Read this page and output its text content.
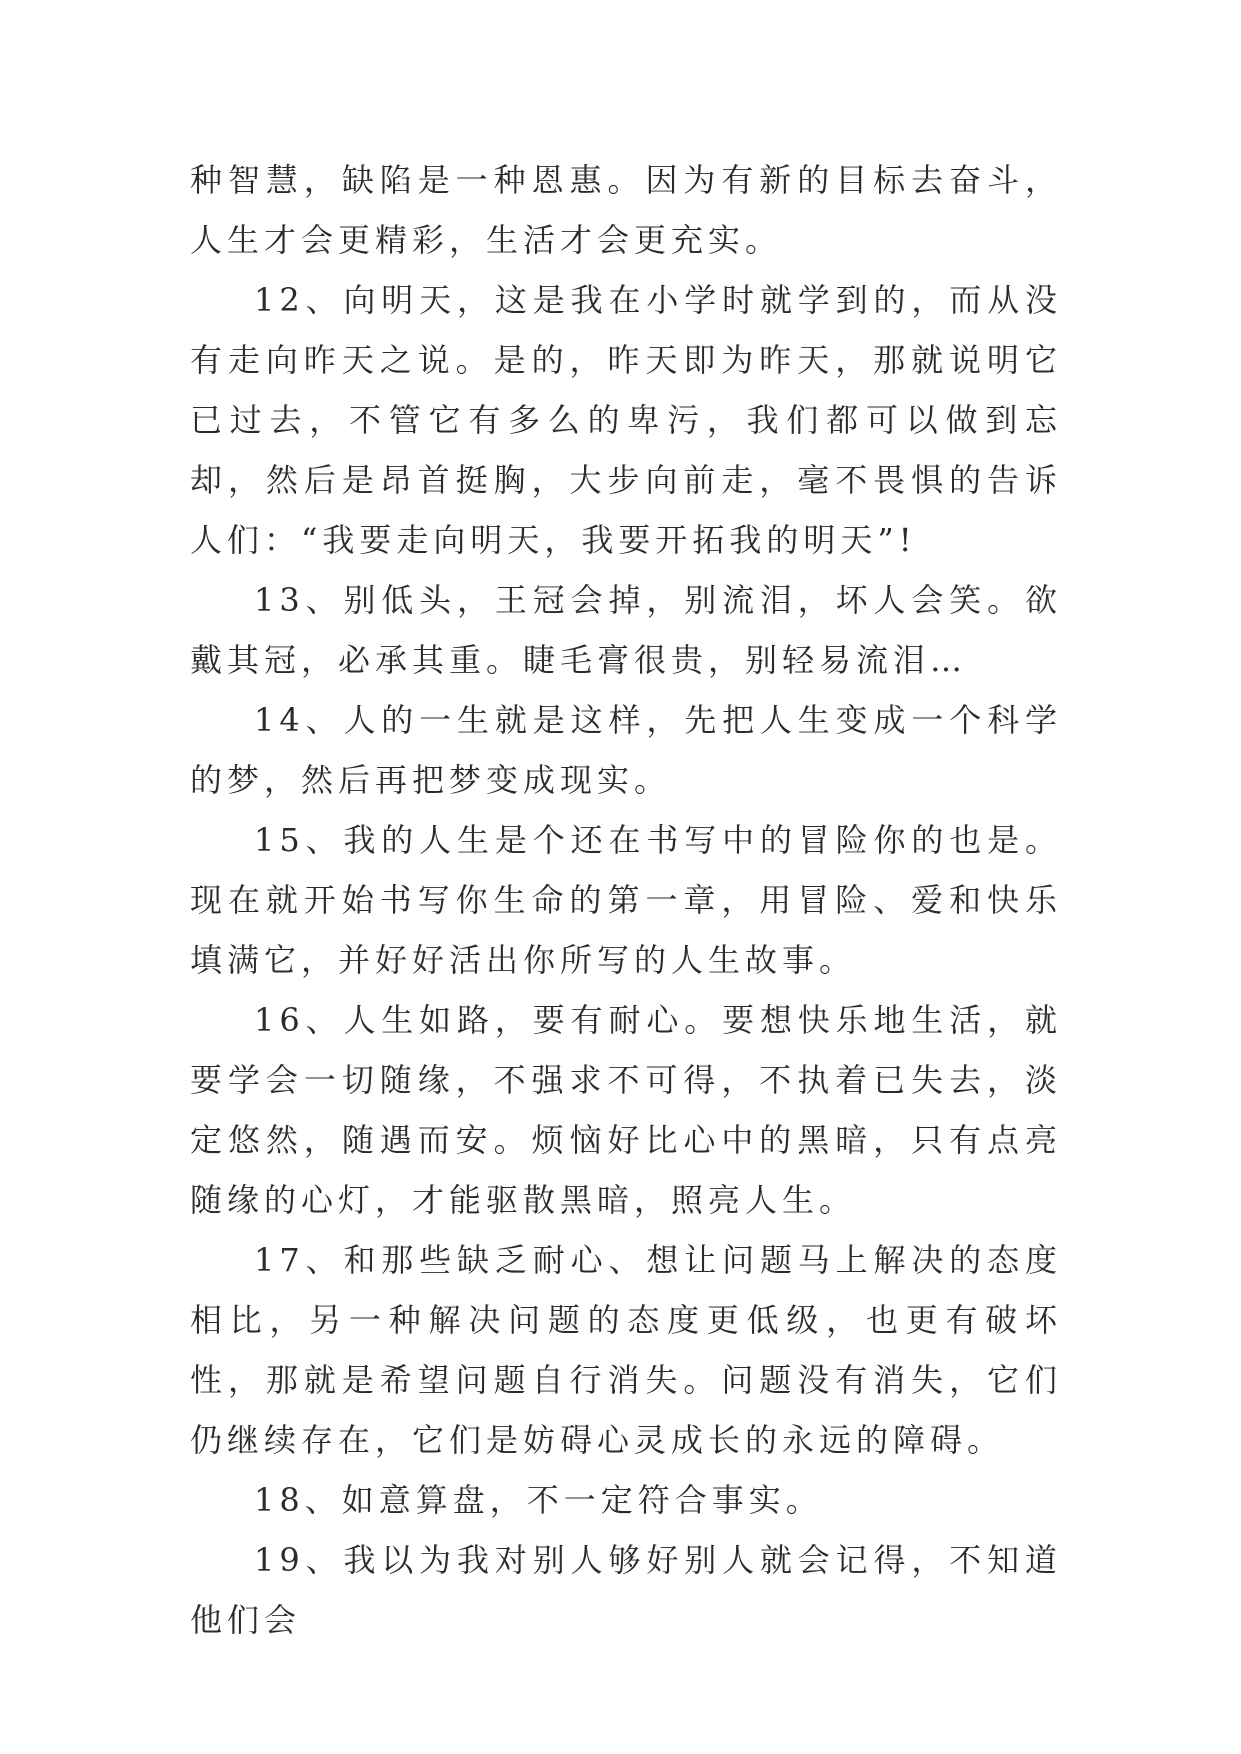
种智慧，缺陷是一种恩惠。因为有新的目标去奋斗，人生才会更精彩，生活才会更充实。

12、向明天，这是我在小学时就学到的，而从没有走向昨天之说。是的，昨天即为昨天，那就说明它已过去，不管它有多么的卑污，我们都可以做到忘却，然后是昂首挺胸，大步向前走，毫不畏惧的告诉人们：“我要走向明天，我要开拓我的明天”!

13、别低头，王冠会掉，别流泪，坏人会笑。欲戴其冠，必承其重。睫毛膏很贵，别轻易流泪…

14、人的一生就是这样，先把人生变成一个科学的梦，然后再把梦变成现实。

15、我的人生是个还在书写中的冒险你的也是。现在就开始书写你生命的第一章，用冒险、爱和快乐填满它，并好好活出你所写的人生故事。

16、人生如路，要有耐心。要想快乐地生活，就要学会一切随缘，不强求不可得，不执着已失去，淡定悠然，随遇而安。烦恼好比心中的黑暗，只有点亮随缘的心灯，才能驱散黑暗，照亮人生。

17、和那些缺乏耐心、想让问题马上解决的态度相比，另一种解决问题的态度更低级，也更有破坏性，那就是希望问题自行消失。问题没有消失，它们仍继续存在，它们是妨碍心灵成长的永远的障碍。

18、如意算盘，不一定符合事实。

19、我以为我对别人够好别人就会记得，不知道他们会
